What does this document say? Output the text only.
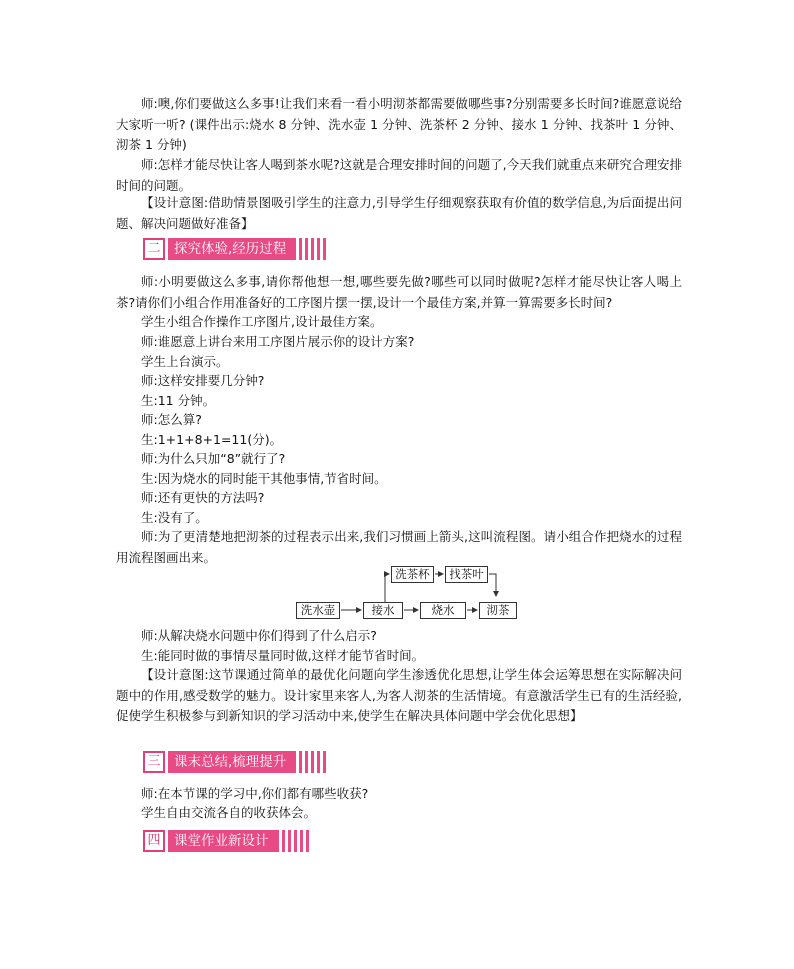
师:噢,你们要做这么多事!让我们来看一看小明沏茶都需要做哪些事?分别需要多长时间?谁愿意说给大家听一听? (课件出示:烧水 8 分钟、洗水壶 1 分钟、洗茶杯 2 分钟、接水 1 分钟、找茶叶 1 分钟、沏茶 1 分钟)

师:怎样才能尽快让客人喝到茶水呢?这就是合理安排时间的问题了,今天我们就重点来研究合理安排时间的问题。

【设计意图:借助情景图吸引学生的注意力,引导学生仔细观察获取有价值的数学信息,为后面提出问题、解决问题做好准备】

二	探究体验,经历过程

师:小明要做这么多事,请你帮他想一想,哪些要先做?哪些可以同时做呢?怎样才能尽快让客人喝上茶?请你们小组合作用准备好的工序图片摆一摆,设计一个最佳方案,并算一算需要多长时间?

学生小组合作操作工序图片,设计最佳方案。
师:谁愿意上讲台来用工序图片展示你的设计方案?
学生上台演示。
师:这样安排要几分钟?
生:11 分钟。
师:怎么算?
生:1+1+8+1=11(分)。
师:为什么只加“8”就行了?
生:因为烧水的同时能干其他事情,节省时间。
师:还有更快的方法吗?
生:没有了。

师:为了更清楚地把沏茶的过程表示出来,我们习惯画上箭头,这叫流程图。请小组合作把烧水的过程用流程图画出来。

洗水壶	接水	烧水	沏茶
洗茶杯	找茶叶
师:从解决烧水问题中你们得到了什么启示?
生:能同时做的事情尽量同时做,这样才能节省时间。

【设计意图:这节课通过简单的最优化问题向学生渗透优化思想,让学生体会运筹思想在实际解决问题中的作用,感受数学的魅力。设计家里来客人,为客人沏茶的生活情境。有意激活学生已有的生活经验,促使学生积极参与到新知识的学习活动中来,使学生在解决具体问题中学会优化思想】

三	课末总结,梳理提升
师:在本节课的学习中,你们都有哪些收获?
学生自由交流各自的收获体会。
四	课堂作业新设计
